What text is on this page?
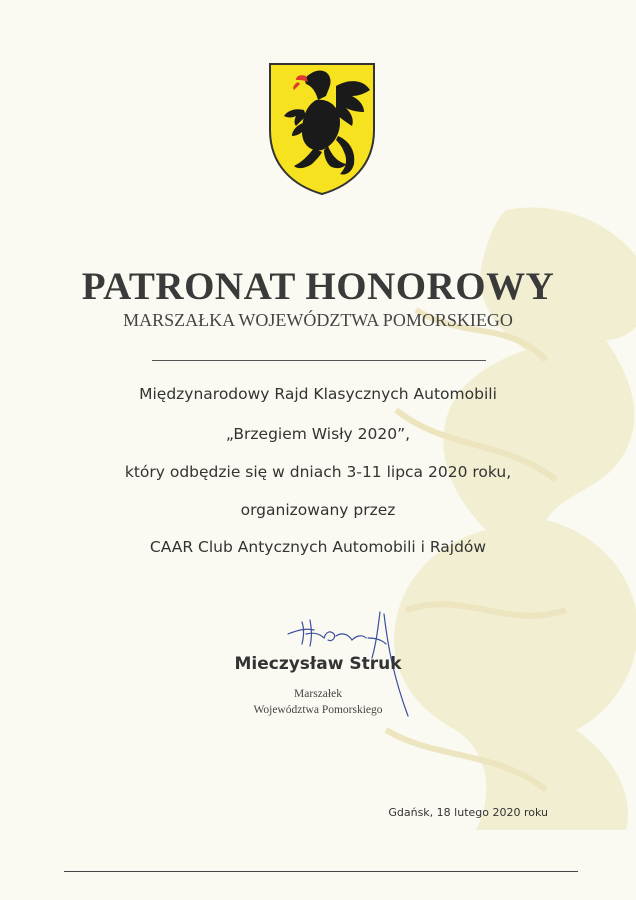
PATRONAT HONOROWY
MARSZAŁKA WOJEWÓDZTWA POMORSKIEGO
Międzynarodowy Rajd Klasycznych Automobili
„Brzegiem Wisły 2020”,
który odbędzie się w dniach 3-11 lipca 2020 roku,
organizowany przez
CAAR Club Antycznych Automobili i Rajdów
Mieczysław Struk
Marszałek
Województwa Pomorskiego
Gdańsk, 18 lutego 2020 roku
